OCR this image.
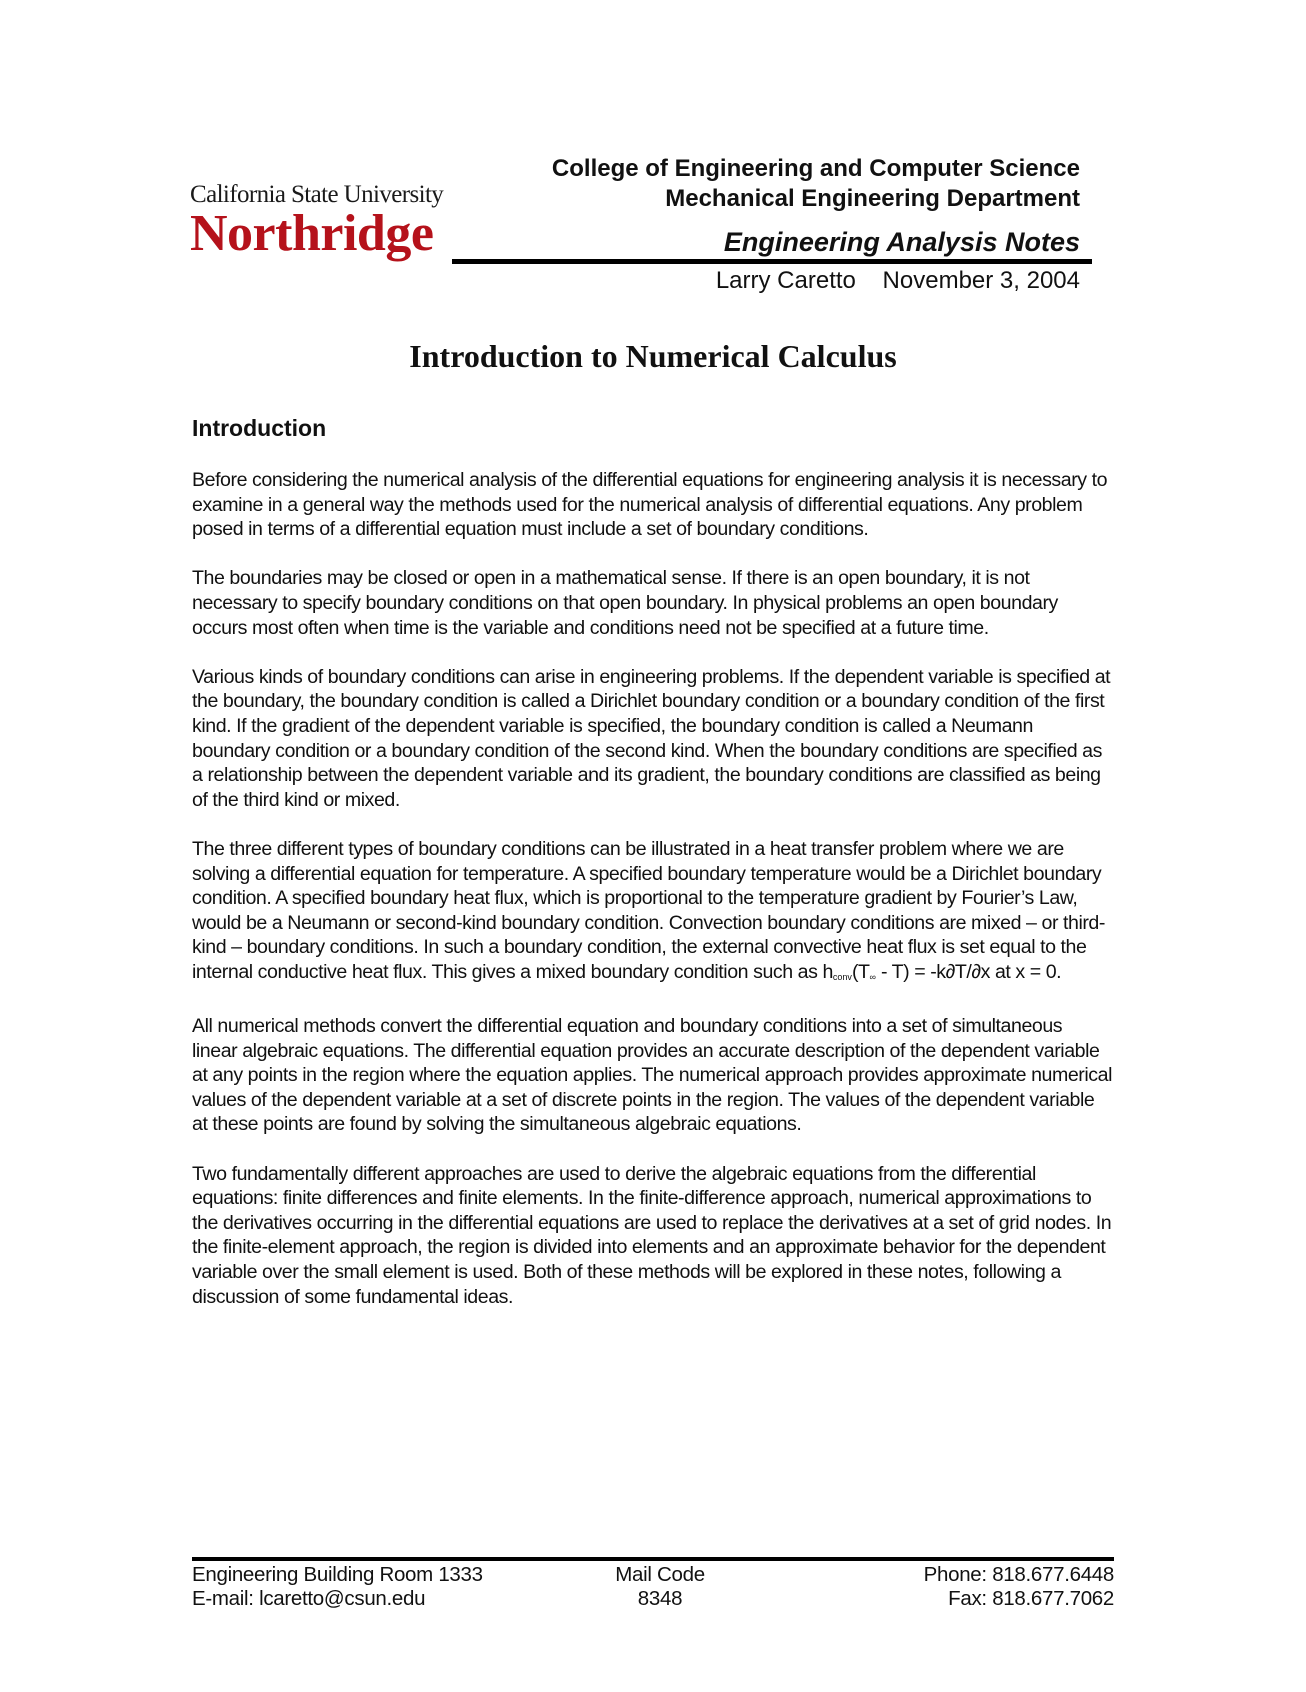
California State University
Northridge
College of Engineering and Computer Science
Mechanical Engineering Department
Engineering Analysis Notes
Larry Caretto    November 3, 2004
Introduction to Numerical Calculus
Introduction

Before considering the numerical analysis of the differential equations for engineering analysis it is necessary to examine in a general way the methods used for the numerical analysis of differential equations. Any problem posed in terms of a differential equation must include a set of boundary conditions.

The boundaries may be closed or open in a mathematical sense. If there is an open boundary, it is not necessary to specify boundary conditions on that open boundary. In physical problems an open boundary occurs most often when time is the variable and conditions need not be specified at a future time.

Various kinds of boundary conditions can arise in engineering problems. If the dependent variable is specified at the boundary, the boundary condition is called a Dirichlet boundary condition or a boundary condition of the first kind. If the gradient of the dependent variable is specified, the boundary condition is called a Neumann boundary condition or a boundary condition of the second kind. When the boundary conditions are specified as a relationship between the dependent variable and its gradient, the boundary conditions are classified as being of the third kind or mixed.

The three different types of boundary conditions can be illustrated in a heat transfer problem where we are solving a differential equation for temperature. A specified boundary temperature would be a Dirichlet boundary condition. A specified boundary heat flux, which is proportional to the temperature gradient by Fourier’s Law, would be a Neumann or second-kind boundary condition. Convection boundary conditions are mixed – or third-kind – boundary conditions. In such a boundary condition, the external convective heat flux is set equal to the internal conductive heat flux. This gives a mixed boundary condition such as $h_{conv}(T_\infty - T) = -k\partial T/\partial x$ at x = 0.

All numerical methods convert the differential equation and boundary conditions into a set of simultaneous linear algebraic equations. The differential equation provides an accurate description of the dependent variable at any points in the region where the equation applies. The numerical approach provides approximate numerical values of the dependent variable at a set of discrete points in the region. The values of the dependent variable at these points are found by solving the simultaneous algebraic equations.

Two fundamentally different approaches are used to derive the algebraic equations from the differential equations: finite differences and finite elements. In the finite-difference approach, numerical approximations to the derivatives occurring in the differential equations are used to replace the derivatives at a set of grid nodes. In the finite-element approach, the region is divided into elements and an approximate behavior for the dependent variable over the small element is used. Both of these methods will be explored in these notes, following a discussion of some fundamental ideas.

Engineering Building Room 1333
E-mail: lcaretto@csun.edu
Mail Code
8348
Phone: 818.677.6448
Fax: 818.677.7062
